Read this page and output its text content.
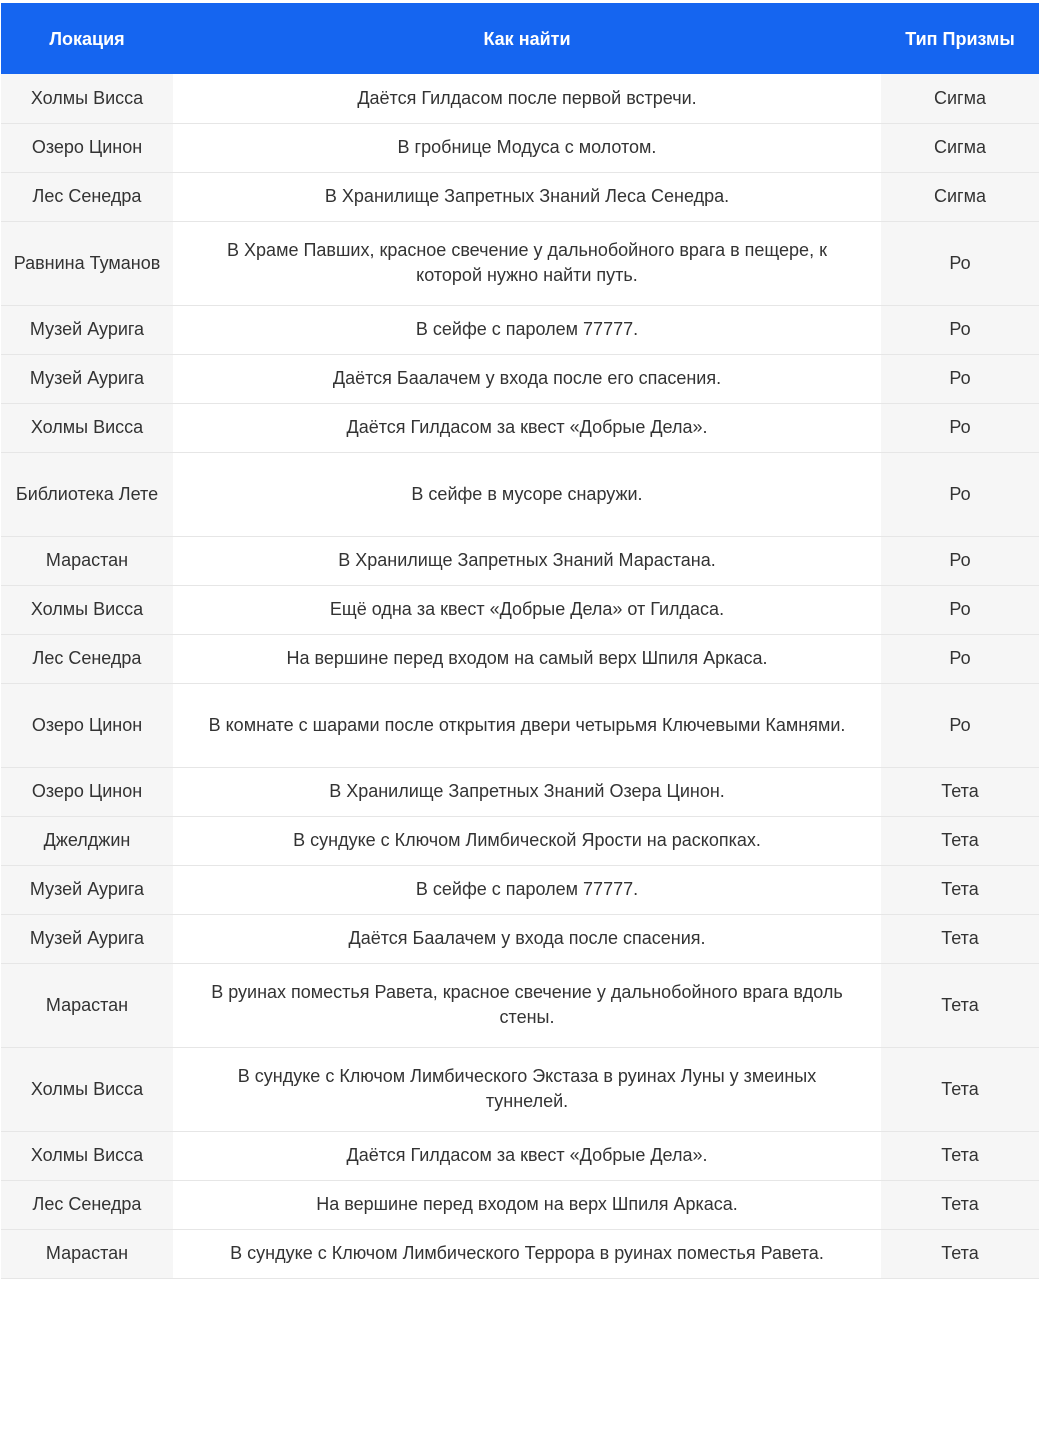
Локация	Как найти	Тип Призмы
Холмы Висса	Даётся Гилдасом после первой встречи.	Сигма
Озеро Цинон	В гробнице Модуса с молотом.	Сигма
Лес Сенедра	В Хранилище Запретных Знаний Леса Сенедра.	Сигма
Равнина Туманов	В Храме Павших, красное свечение у дальнобойного врага в пещере, к которой нужно найти путь.	Ро
Музей Аурига	В сейфе с паролем 77777.	Ро
Музей Аурига	Даётся Баалачем у входа после его спасения.	Ро
Холмы Висса	Даётся Гилдасом за квест «Добрые Дела».	Ро
Библиотека Лете	В сейфе в мусоре снаружи.	Ро
Марастан	В Хранилище Запретных Знаний Марастана.	Ро
Холмы Висса	Ещё одна за квест «Добрые Дела» от Гилдаса.	Ро
Лес Сенедра	На вершине перед входом на самый верх Шпиля Аркаса.	Ро
Озеро Цинон	В комнате с шарами после открытия двери четырьмя Ключевыми Камнями.	Ро
Озеро Цинон	В Хранилище Запретных Знаний Озера Цинон.	Тета
Джелджин	В сундуке с Ключом Лимбической Ярости на раскопках.	Тета
Музей Аурига	В сейфе с паролем 77777.	Тета
Музей Аурига	Даётся Баалачем у входа после спасения.	Тета
Марастан	В руинах поместья Равета, красное свечение у дальнобойного врага вдоль стены.	Тета
Холмы Висса	В сундуке с Ключом Лимбического Экстаза в руинах Луны у змеиных туннелей.	Тета
Холмы Висса	Даётся Гилдасом за квест «Добрые Дела».	Тета
Лес Сенедра	На вершине перед входом на верх Шпиля Аркаса.	Тета
Марастан	В сундуке с Ключом Лимбического Террора в руинах поместья Равета.	Тета
